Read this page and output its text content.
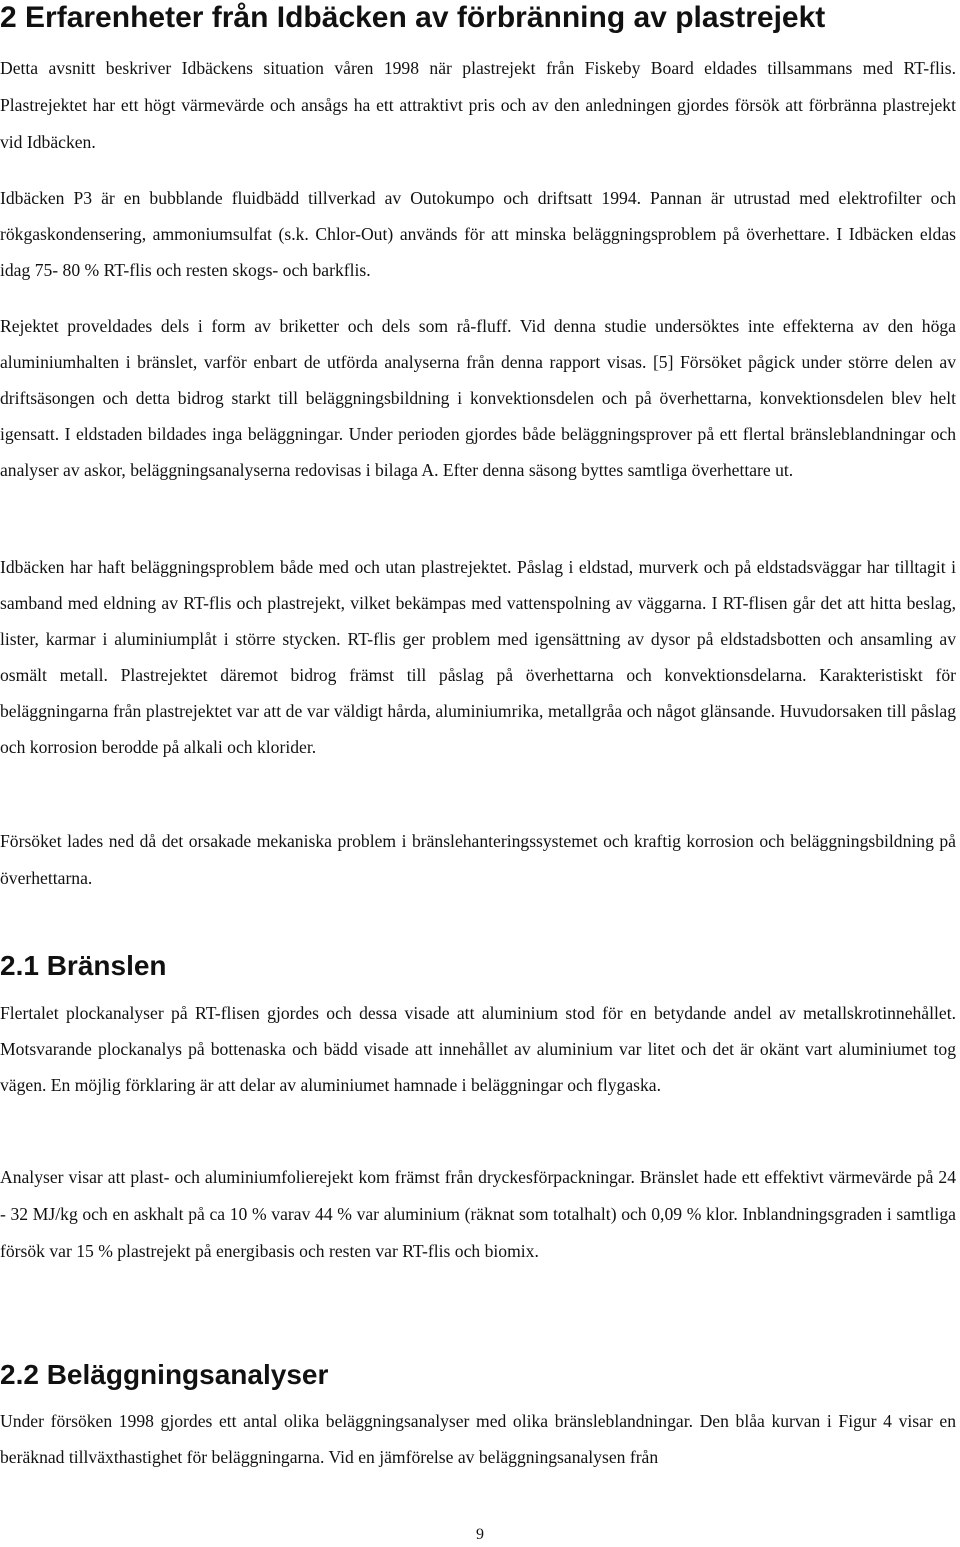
2 Erfarenheter från Idbäcken av förbränning av plastrejekt

Detta avsnitt beskriver Idbäckens situation våren 1998 när plastrejekt från Fiskeby Board eldades tillsammans med RT-flis. Plastrejektet har ett högt värmevärde och ansågs ha ett attraktivt pris och av den anledningen gjordes försök att förbränna plastrejekt vid Idbäcken.

Idbäcken P3 är en bubblande fluidbädd tillverkad av Outokumpo och driftsatt 1994. Pannan är utrustad med elektrofilter och rökgaskondensering, ammoniumsulfat (s.k. Chlor-Out) används för att minska beläggningsproblem på överhettare. I Idbäcken eldas idag 75- 80 % RT-flis och resten skogs- och barkflis.

Rejektet proveldades dels i form av briketter och dels som rå-fluff. Vid denna studie undersöktes inte effekterna av den höga aluminiumhalten i bränslet, varför enbart de utförda analyserna från denna rapport visas. [5] Försöket pågick under större delen av driftsäsongen och detta bidrog starkt till beläggningsbildning i konvektionsdelen och på överhettarna, konvektionsdelen blev helt igensatt. I eldstaden bildades inga beläggningar. Under perioden gjordes både beläggningsprover på ett flertal bränsleblandningar och analyser av askor, beläggningsanalyserna redovisas i bilaga A. Efter denna säsong byttes samtliga överhettare ut.

Idbäcken har haft beläggningsproblem både med och utan plastrejektet. Påslag i eldstad, murverk och på eldstadsväggar har tilltagit i samband med eldning av RT-flis och plastrejekt, vilket bekämpas med vattenspolning av väggarna. I RT-flisen går det att hitta beslag, lister, karmar i aluminiumplåt i större stycken. RT-flis ger problem med igensättning av dysor på eldstadsbotten och ansamling av osmält metall. Plastrejektet däremot bidrog främst till påslag på överhettarna och konvektionsdelarna. Karakteristiskt för beläggningarna från plastrejektet var att de var väldigt hårda, aluminiumrika, metallgråa och något glänsande. Huvudorsaken till påslag och korrosion berodde på alkali och klorider.

Försöket lades ned då det orsakade mekaniska problem i bränslehanteringssystemet och kraftig korrosion och beläggningsbildning på överhettarna.

2.1 Bränslen

Flertalet plockanalyser på RT-flisen gjordes och dessa visade att aluminium stod för en betydande andel av metallskrotinnehållet. Motsvarande plockanalys på bottenaska och bädd visade att innehållet av aluminium var litet och det är okänt vart aluminiumet tog vägen. En möjlig förklaring är att delar av aluminiumet hamnade i beläggningar och flygaska.

Analyser visar att plast- och aluminiumfolierejekt kom främst från dryckesförpackningar. Bränslet hade ett effektivt värmevärde på 24 - 32 MJ/kg och en askhalt på ca 10 % varav 44 % var aluminium (räknat som totalhalt) och 0,09 % klor. Inblandningsgraden i samtliga försök var 15 % plastrejekt på energibasis och resten var RT-flis och biomix.

2.2 Beläggningsanalyser

Under försöken 1998 gjordes ett antal olika beläggningsanalyser med olika bränsleblandningar. Den blåa kurvan i Figur 4 visar en beräknad tillväxthastighet för beläggningarna. Vid en jämförelse av beläggningsanalysen från

9
